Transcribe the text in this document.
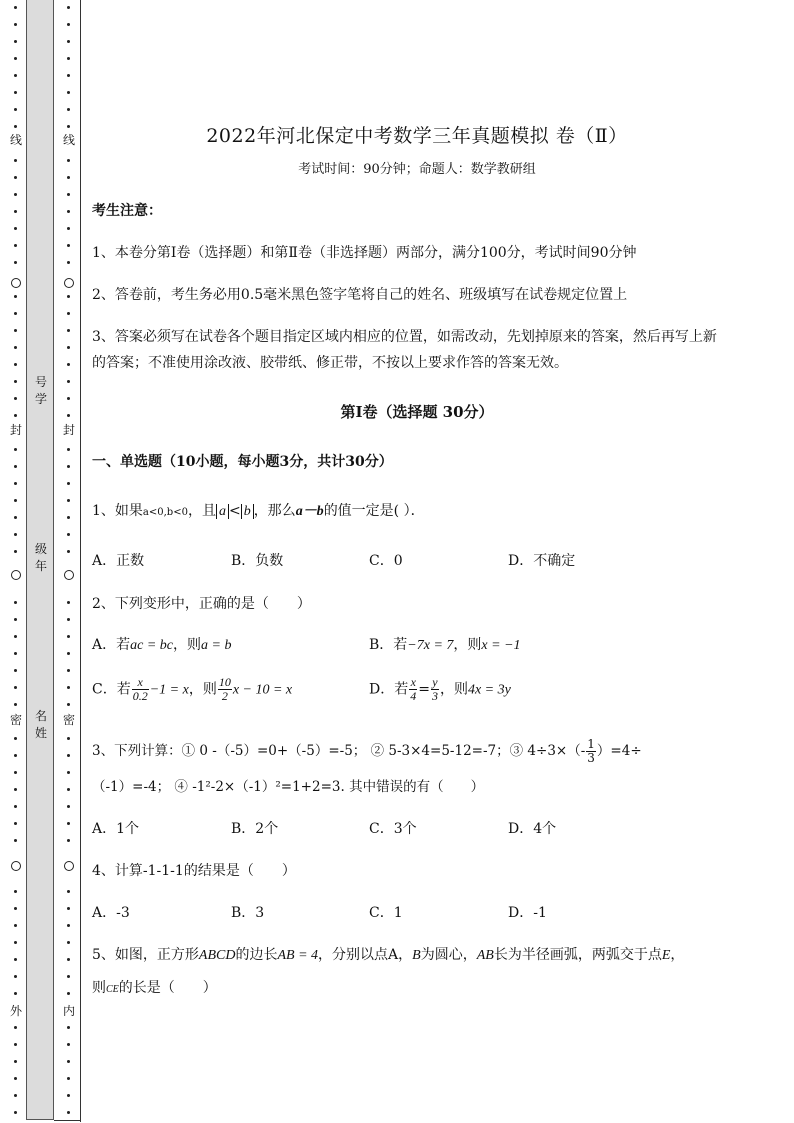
线
封
密
外
号
学
级
年
名
姓
线
封
密
内
2022年河北保定中考数学三年真题模拟 卷（Ⅱ）
考试时间：90分钟；命题人：数学教研组
考生注意：
1、本卷分第I卷（选择题）和第Ⅱ卷（非选择题）两部分，满分100分，考试时间90分钟
2、答卷前，考生务必用0.5毫米黑色签字笔将自己的姓名、班级填写在试卷规定位置上
3、答案必须写在试卷各个题目指定区域内相应的位置，如需改动，先划掉原来的答案，然后再写上新
的答案；不准使用涂改液、胶带纸、修正带，不按以上要求作答的答案无效。
第I卷（选择题 30分）
一、单选题（10小题，每小题3分，共计30分）
1、如果a<0,b<0，且 a < b ，那么a－b的值一定是( ）．
A．正数	B．负数	C．0	D．不确定
2、下列变形中，正确的是（　　）
A．若ac = bc，则a = b	B．若−7x = 7，则x = −1
C．若 $\frac{x}{0.2} -1 = x$，则 $\frac{10}{2}$ x − 10 = x	D．若 $\frac{x}{4} = \frac{y}{3}$ ，则4x = 3y
3、下列计算：① 0 -（-5）=0+（-5）=-5； ② 5-3×4=5-12=-7；③ $4\div 3\times(- \frac{1}{3} )=4\div$
（-1）=-4； ④ -1²-2×（-1）²=1+2=3. 其中错误的有（　　）
A．1个	B．2个	C．3个	D．4个
4、计算-1-1-1的结果是（　　）
A．-3	B．3	C．1	D．-1
5、如图，正方形ABCD的边长AB = 4，分别以点A，B为圆心，AB长为半径画弧，两弧交于点E，
则CE的长是（　　）
